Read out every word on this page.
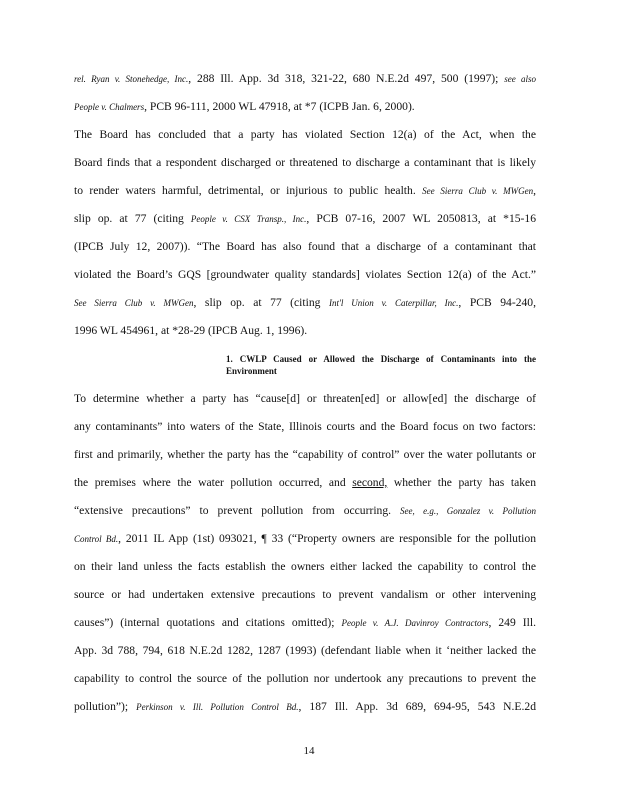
rel. Ryan v. Stonehedge, Inc., 288 Ill. App. 3d 318, 321-22, 680 N.E.2d 497, 500 (1997); see also
People v. Chalmers, PCB 96-111, 2000 WL 47918, at *7 (ICPB Jan. 6, 2000).
The Board has concluded that a party has violated Section 12(a) of the Act, when the
Board finds that a respondent discharged or threatened to discharge a contaminant that is likely
to render waters harmful, detrimental, or injurious to public health. See Sierra Club v. MWGen,
slip op. at 77 (citing People v. CSX Transp., Inc., PCB 07-16, 2007 WL 2050813, at *15-16
(IPCB July 12, 2007)). “The Board has also found that a discharge of a contaminant that
violated the Board’s GQS [groundwater quality standards] violates Section 12(a) of the Act.”
See Sierra Club v. MWGen, slip op. at 77 (citing Int'l Union v. Caterpillar, Inc., PCB 94-240,
1996 WL 454961, at *28-29 (IPCB Aug. 1, 1996).
To determine whether a party has “cause[d] or threaten[ed] or allow[ed] the discharge of
any contaminants” into waters of the State, Illinois courts and the Board focus on two factors:
first and primarily, whether the party has the “capability of control” over the water pollutants or
the premises where the water pollution occurred, and second, whether the party has taken
“extensive precautions” to prevent pollution from occurring. See, e.g., Gonzalez v. Pollution
Control Bd., 2011 IL App (1st) 093021, ¶ 33 (“Property owners are responsible for the pollution
on their land unless the facts establish the owners either lacked the capability to control the
source or had undertaken extensive precautions to prevent vandalism or other intervening
causes”) (internal quotations and citations omitted); People v. A.J. Davinroy Contractors, 249 Ill.
App. 3d 788, 794, 618 N.E.2d 1282, 1287 (1993) (defendant liable when it ‘neither lacked the
capability to control the source of the pollution nor undertook any precautions to prevent the
pollution”); Perkinson v. Ill. Pollution Control Bd., 187 Ill. App. 3d 689, 694-95, 543 N.E.2d
1. CWLP Caused or Allowed the Discharge of Contaminants into the
Environment
14
